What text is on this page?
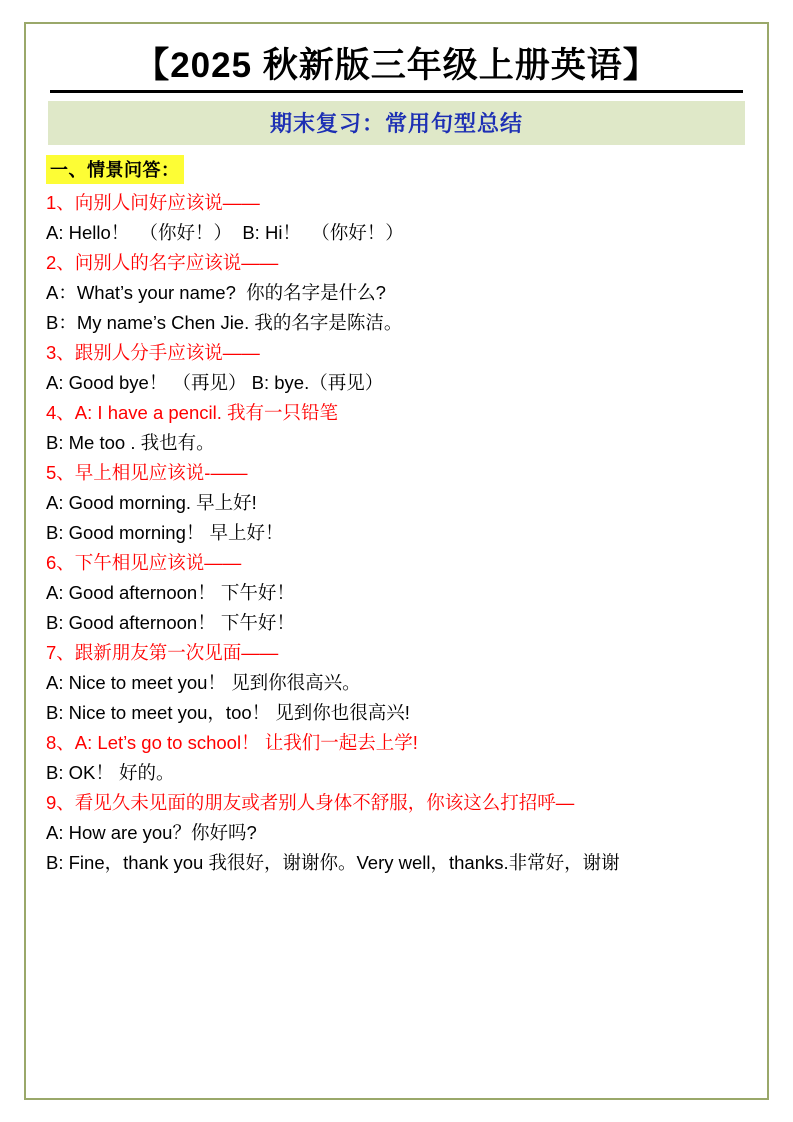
【2025 秋新版三年级上册英语】
期末复习：常用句型总结
一、情景问答：
1、向别人问好应该说——
A: Hello！  （你好！）  B: Hi！  （你好！）
2、问别人的名字应该说——
A：What’s your name?  你的名字是什么?
B：My name’s Chen Jie. 我的名字是陈洁。
3、跟别人分手应该说——
A: Good bye！ （再见） B: bye.（再见）
4、A: I have a pencil. 我有一只铅笔
B: Me too . 我也有。
5、早上相见应该说-——
A: Good morning. 早上好!
B: Good morning！ 早上好！
6、下午相见应该说——
A: Good afternoon！ 下午好！
B: Good afternoon！ 下午好！
7、跟新朋友第一次见面——
A: Nice to meet you！ 见到你很高兴。
B: Nice to meet you，too！ 见到你也很高兴!
8、A: Let’s go to school！ 让我们一起去上学!
B: OK！ 好的。
9、看见久未见面的朋友或者别人身体不舒服，你该这么打招呼—
A: How are you？你好吗?
B: Fine，thank you 我很好，谢谢你。Very well，thanks.非常好，谢谢
